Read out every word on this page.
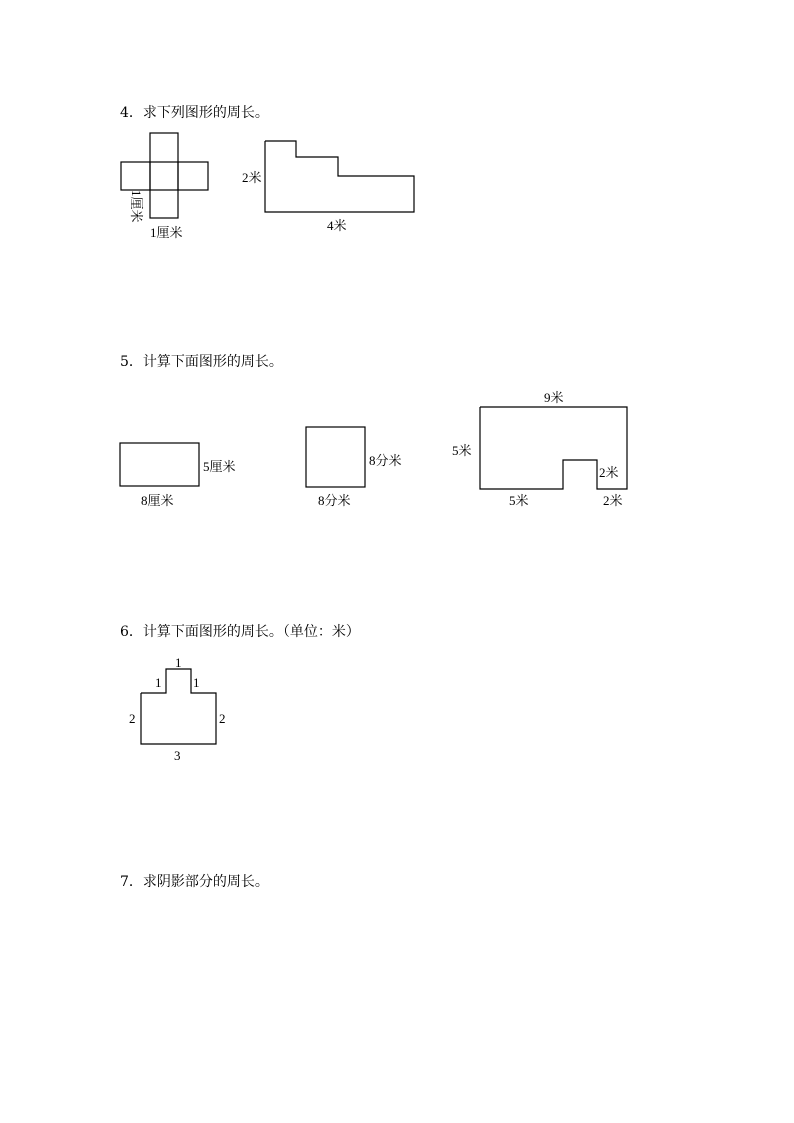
4．求下列图形的周长。
5．计算下面图形的周长。
6．计算下面图形的周长。（单位：米）
7．求阴影部分的周长。
1厘米
1厘米
2米
4米
5厘米
8厘米
8分米
8分米
9米
5米
2米
5米	2米
1
1 1
2	2
3
